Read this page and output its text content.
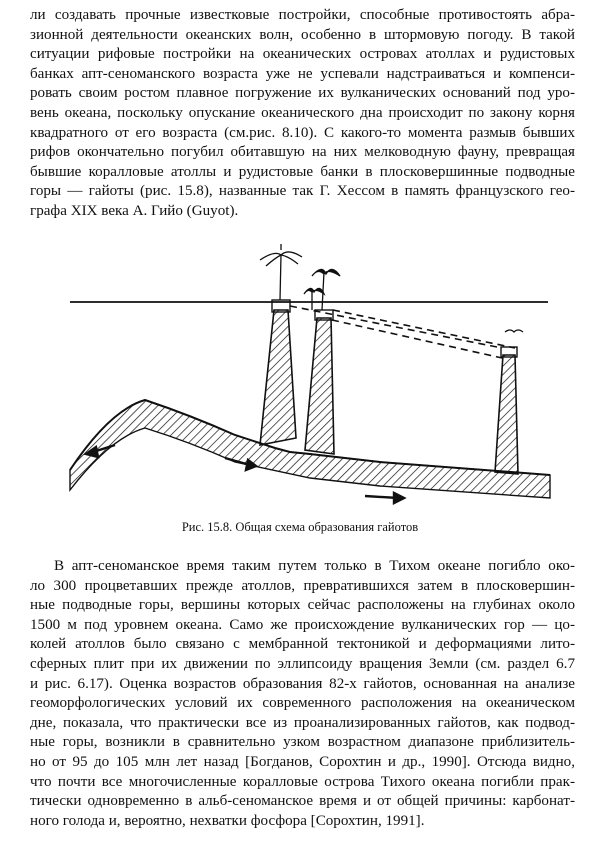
ли создавать прочные известковые постройки, способные противостоять абра-
зионной деятельности океанских волн, особенно в штормовую погоду. В такой
ситуации рифовые постройки на океанических островах атоллах и рудистовых
банках апт-сеноманского возраста уже не успевали надстраиваться и компенси-
ровать своим ростом плавное погружение их вулканических оснований под уро-
вень океана, поскольку опускание океанического дна происходит по закону корня
квадратного от его возраста (см.рис. 8.10). С какого-то момента размыв бывших
рифов окончательно погубил обитавшую на них мелководную фауну, превращая
бывшие коралловые атоллы и рудистовые банки в плосковершинные подводные
горы — гайоты (рис. 15.8), названные так Г. Хессом в память французского гео-
графа XIX века А. Гийо (Guyot).
Рис. 15.8. Общая схема образования гайотов
В апт-сеноманское время таким путем только в Тихом океане погибло око-
ло 300 процветавших прежде атоллов, превратившихся затем в плосковершин-
ные подводные горы, вершины которых сейчас расположены на глубинах около
1500 м под уровнем океана. Само же происхождение вулканических гор — цо-
колей атоллов было связано с мембранной тектоникой и деформациями лито-
сферных плит при их движении по эллипсоиду вращения Земли (см. раздел 6.7
и рис. 6.17). Оценка возрастов образования 82-х гайотов, основанная на анализе
геоморфологических условий их современного расположения на океаническом
дне, показала, что практически все из проанализированных гайотов, как подвод-
ные горы, возникли в сравнительно узком возрастном диапазоне приблизитель-
но от 95 до 105 млн лет назад [Богданов, Сорохтин и др., 1990]. Отсюда видно,
что почти все многочисленные коралловые острова Тихого океана погибли прак-
тически одновременно в альб-сеноманское время и от общей причины: карбонат-
ного голода и, вероятно, нехватки фосфора [Сорохтин, 1991].
